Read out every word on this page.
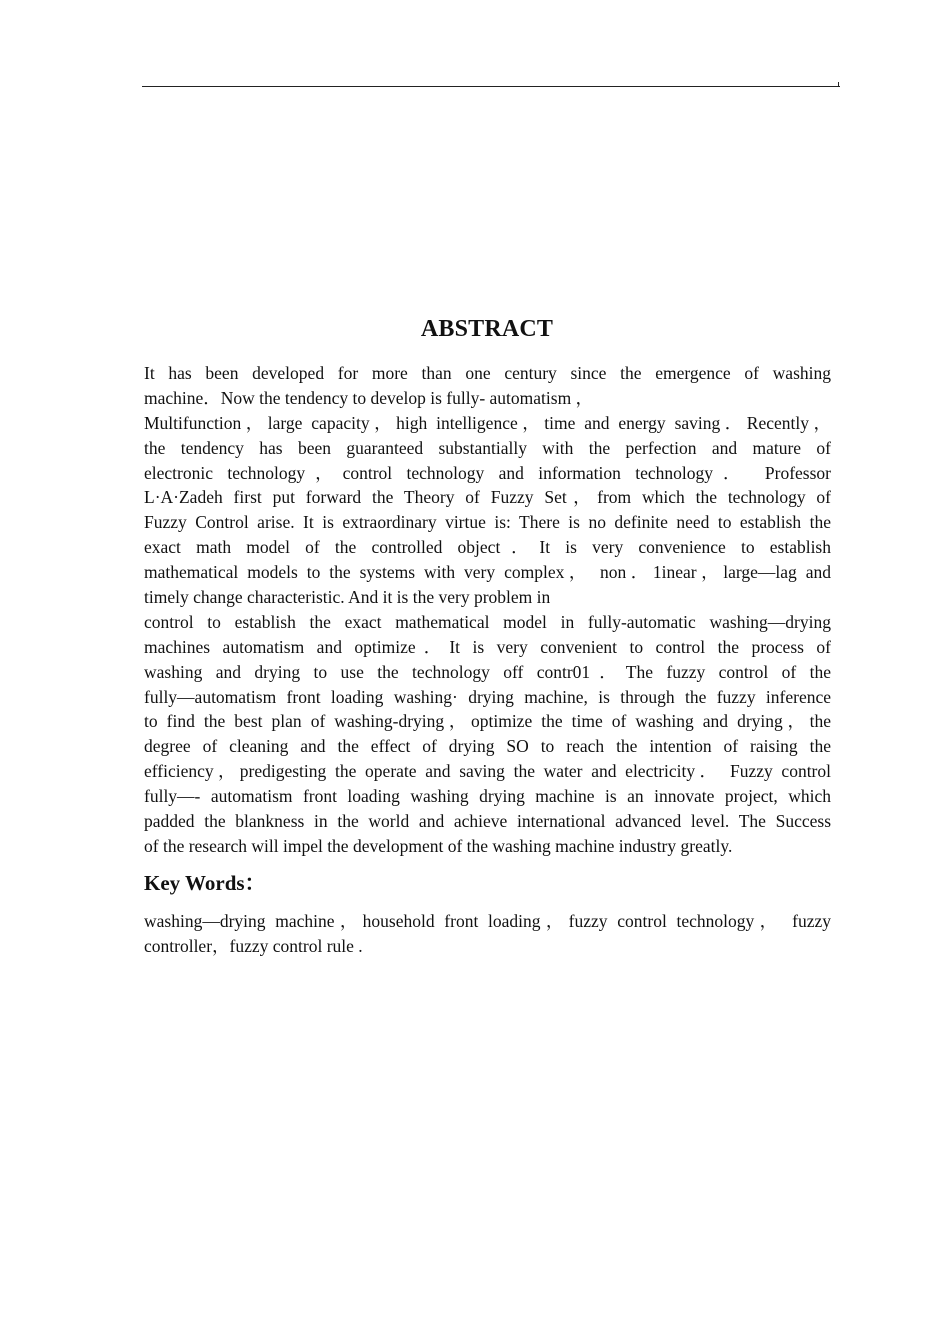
ABSTRACT
It has been developed for more than one century since the emergence of washing
machine．Now the tendency to develop is fully- automatism ，
Multifunction，large capacity，high intelligence，time and energy saving．Recently，
the tendency has been guaranteed substantially with the perfection and mature of
electronic technology，control technology and information technology． Professor
L·A·Zadeh first put forward the Theory of Fuzzy Set，from which the technology of
Fuzzy Control arise. It is extraordinary virtue is: There is no definite need to establish the
exact math model of the controlled object．It is very convenience to establish
mathematical models to the systems with very complex， non．1inear，large—lag and
timely change characteristic. And it is the very problem in
control to establish the exact mathematical model in fully-automatic washing—drying
machines automatism and optimize．It is very convenient to control the process of
washing and drying to use the technology off contr01．The fuzzy control of the
fully—automatism front loading washing· drying machine, is through the fuzzy inference
to find the best plan of washing-drying，optimize the time of washing and drying，the
degree of cleaning and the effect of drying SO to reach the intention of raising the
efficiency，predigesting the operate and saving the water and electricity． Fuzzy control
fully—- automatism front loading washing drying machine is an innovate project, which
padded the blankness in the world and achieve international advanced level. The Success
of the research will impel the development of the washing machine industry greatly.
Key Words：
washing—drying machine，household front loading，fuzzy control technology， fuzzy
controller，fuzzy control rule .
